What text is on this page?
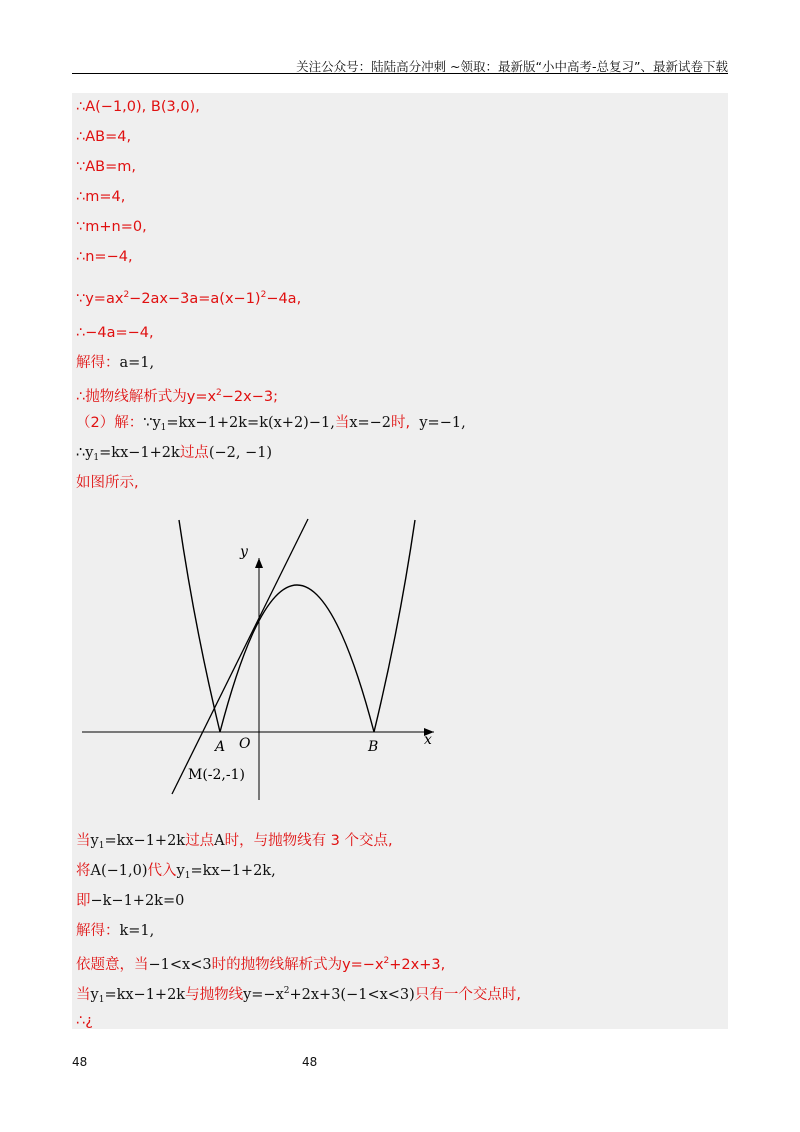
关注公众号：陆陆高分冲刺 ~领取：最新版“小中高考-总复习”、最新试卷下载
∴A(−1,0), B(3,0),
∴AB=4,
∵AB=m,
∴m=4,
∵m+n=0,
∴n=−4,
$\because y=ax^2-2ax-3a=a(x-1)^2-4a$,
∴−4a=−4,
解得：a=1,
∴抛物线解析式为$y=x^2-2x-3$;
（2）解：$\because y_1=kx-1+2k=k(x+2)-1$,当x=−2时, y=−1,
$\therefore y_1=kx-1+2k$过点(−2, −1)
如图所示,
y
x
O
A	B
M(-2,-1)
当$y_1=kx-1+2k$过点A时，与抛物线有 3 个交点,
将A(−1,0)代入$y_1=kx-1+2k$,
即−k−1+2k=0
解得：k=1,
依题意，当−1<x<3时的抛物线解析式为$y=-x^2+2x+3$,
当$y_1=kx-1+2k$与抛物线$y=-x^2+2x+3(-1<x<3)$只有一个交点时,
∴¿
48	48
